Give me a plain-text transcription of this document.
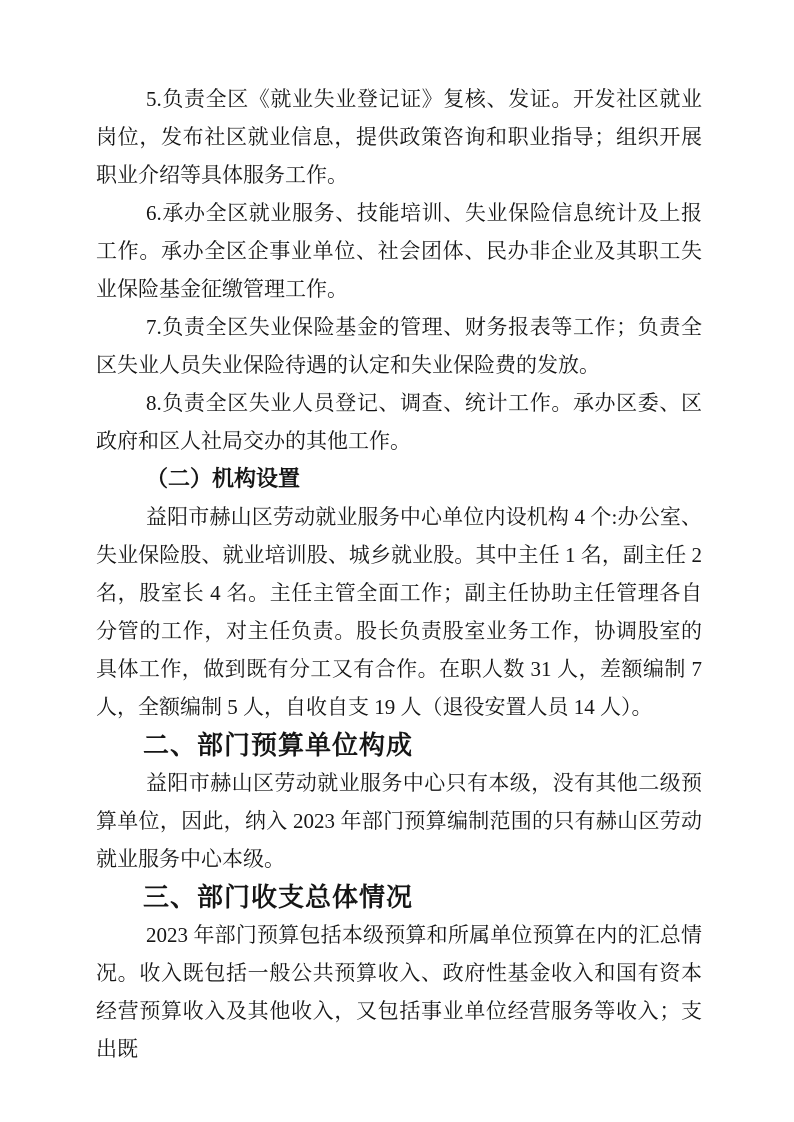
5.负责全区《就业失业登记证》复核、发证。开发社区就业岗位，发布社区就业信息，提供政策咨询和职业指导；组织开展职业介绍等具体服务工作。

6.承办全区就业服务、技能培训、失业保险信息统计及上报工作。承办全区企事业单位、社会团体、民办非企业及其职工失业保险基金征缴管理工作。

7.负责全区失业保险基金的管理、财务报表等工作；负责全区失业人员失业保险待遇的认定和失业保险费的发放。

8.负责全区失业人员登记、调查、统计工作。承办区委、区政府和区人社局交办的其他工作。

（二）机构设置

益阳市赫山区劳动就业服务中心单位内设机构 4 个:办公室、失业保险股、就业培训股、城乡就业股。其中主任 1 名，副主任 2 名，股室长 4 名。主任主管全面工作；副主任协助主任管理各自分管的工作，对主任负责。股长负责股室业务工作，协调股室的具体工作，做到既有分工又有合作。在职人数 31 人，差额编制 7 人，全额编制 5 人，自收自支 19 人（退役安置人员 14 人）。

二、部门预算单位构成

益阳市赫山区劳动就业服务中心只有本级，没有其他二级预算单位，因此，纳入 2023 年部门预算编制范围的只有赫山区劳动就业服务中心本级。

三、部门收支总体情况

2023 年部门预算包括本级预算和所属单位预算在内的汇总情况。收入既包括一般公共预算收入、政府性基金收入和国有资本经营预算收入及其他收入，又包括事业单位经营服务等收入；支出既
